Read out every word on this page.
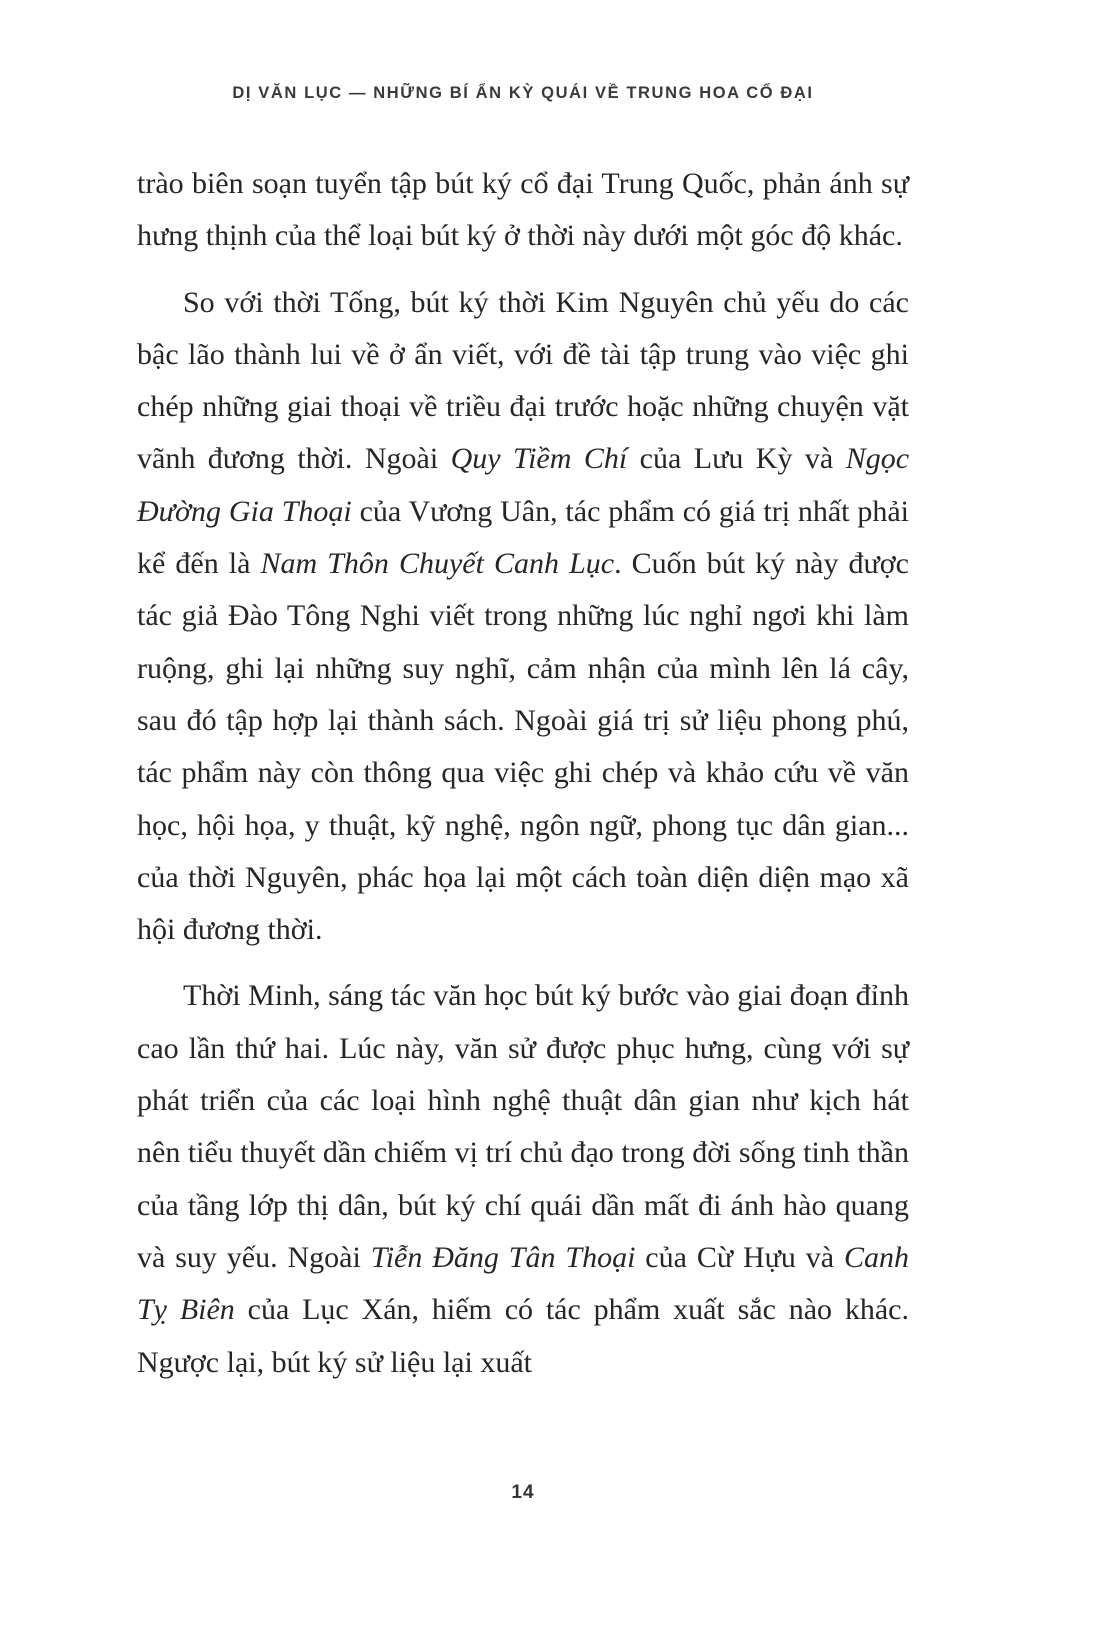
DỊ VĂN LỤC — NHỮNG BÍ ẨN KỲ QUÁI VỀ TRUNG HOA CỔ ĐẠI

trào biên soạn tuyển tập bút ký cổ đại Trung Quốc, phản ánh sự hưng thịnh của thể loại bút ký ở thời này dưới một góc độ khác.

So với thời Tống, bút ký thời Kim Nguyên chủ yếu do các bậc lão thành lui về ở ẩn viết, với đề tài tập trung vào việc ghi chép những giai thoại về triều đại trước hoặc những chuyện vặt vãnh đương thời. Ngoài Quy Tiềm Chí của Lưu Kỳ và Ngọc Đường Gia Thoại của Vương Uân, tác phẩm có giá trị nhất phải kể đến là Nam Thôn Chuyết Canh Lục. Cuốn bút ký này được tác giả Đào Tông Nghi viết trong những lúc nghỉ ngơi khi làm ruộng, ghi lại những suy nghĩ, cảm nhận của mình lên lá cây, sau đó tập hợp lại thành sách. Ngoài giá trị sử liệu phong phú, tác phẩm này còn thông qua việc ghi chép và khảo cứu về văn học, hội họa, y thuật, kỹ nghệ, ngôn ngữ, phong tục dân gian... của thời Nguyên, phác họa lại một cách toàn diện diện mạo xã hội đương thời.

Thời Minh, sáng tác văn học bút ký bước vào giai đoạn đỉnh cao lần thứ hai. Lúc này, văn sử được phục hưng, cùng với sự phát triển của các loại hình nghệ thuật dân gian như kịch hát nên tiểu thuyết dần chiếm vị trí chủ đạo trong đời sống tinh thần của tầng lớp thị dân, bút ký chí quái dần mất đi ánh hào quang và suy yếu. Ngoài Tiễn Đăng Tân Thoại của Cừ Hựu và Canh Tỵ Biên của Lục Xán, hiếm có tác phẩm xuất sắc nào khác. Ngược lại, bút ký sử liệu lại xuất

14
